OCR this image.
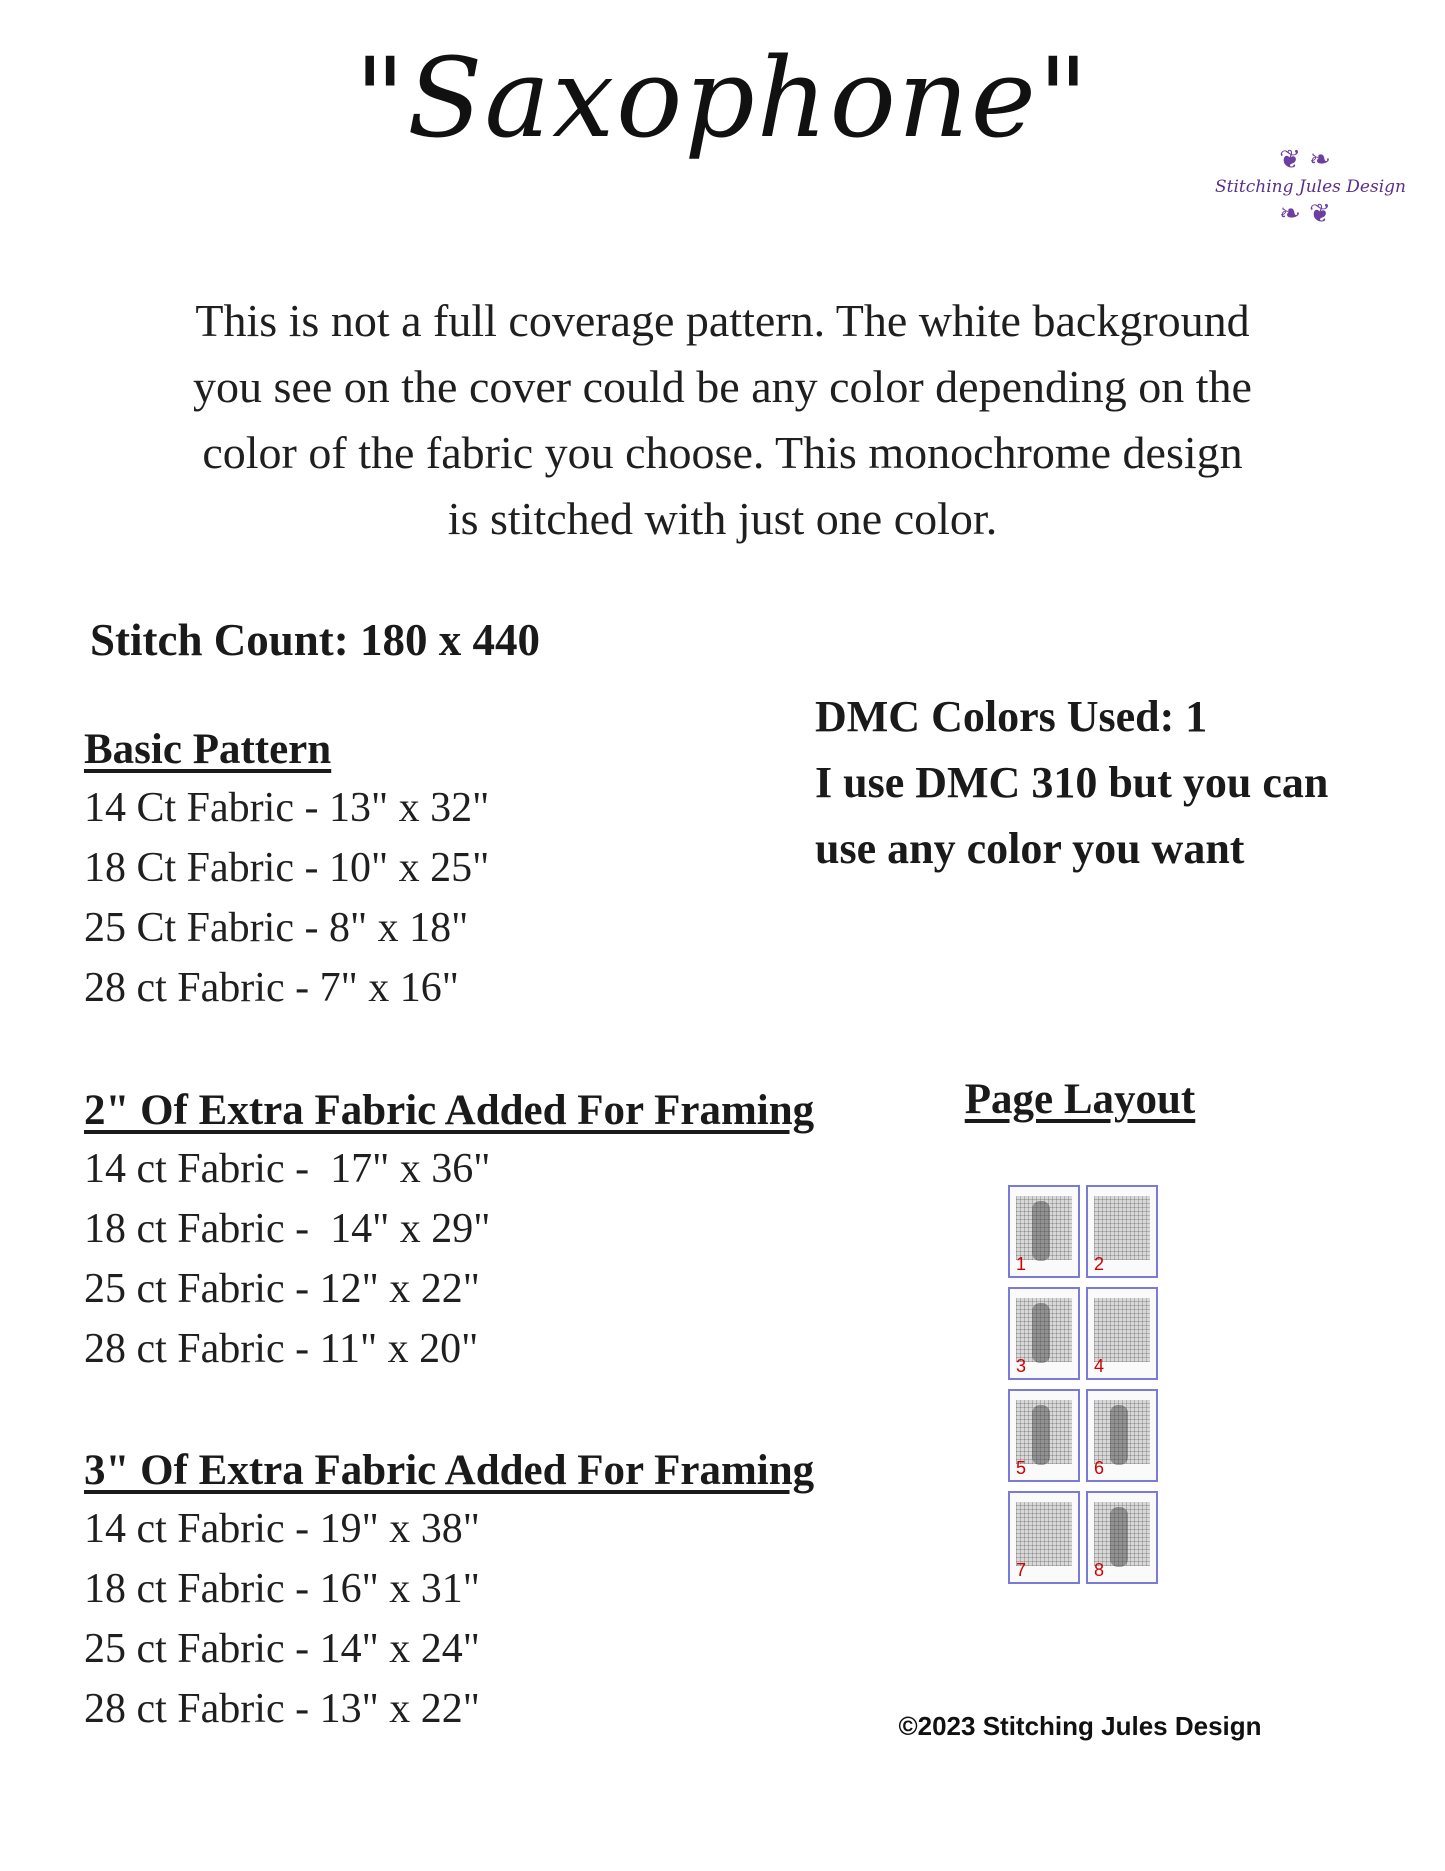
"Saxophone"	❦ ❧
Stitching Jules Design
❧ ❦
This is not a full coverage pattern. The white background
you see on the cover could be any color depending on the
color of the fabric you choose. This monochrome design
is stitched with just one color.
Stitch Count: 180 x 440
Basic Pattern
14 Ct Fabric - 13" x 32"
18 Ct Fabric - 10" x 25"
25 Ct Fabric - 8" x 18"
28 ct Fabric - 7" x 16"
2" Of Extra Fabric Added For Framing
14 ct Fabric -  17" x 36"
18 ct Fabric -  14" x 29"
25 ct Fabric - 12" x 22"
28 ct Fabric - 11" x 20"
3" Of Extra Fabric Added For Framing
14 ct Fabric - 19" x 38"
18 ct Fabric - 16" x 31"
25 ct Fabric - 14" x 24"
28 ct Fabric - 13" x 22"
DMC Colors Used: 1
I use DMC 310 but you can
use any color you want
Page Layout
1	2
3	4
5	6
7	8
©2023 Stitching Jules Design
